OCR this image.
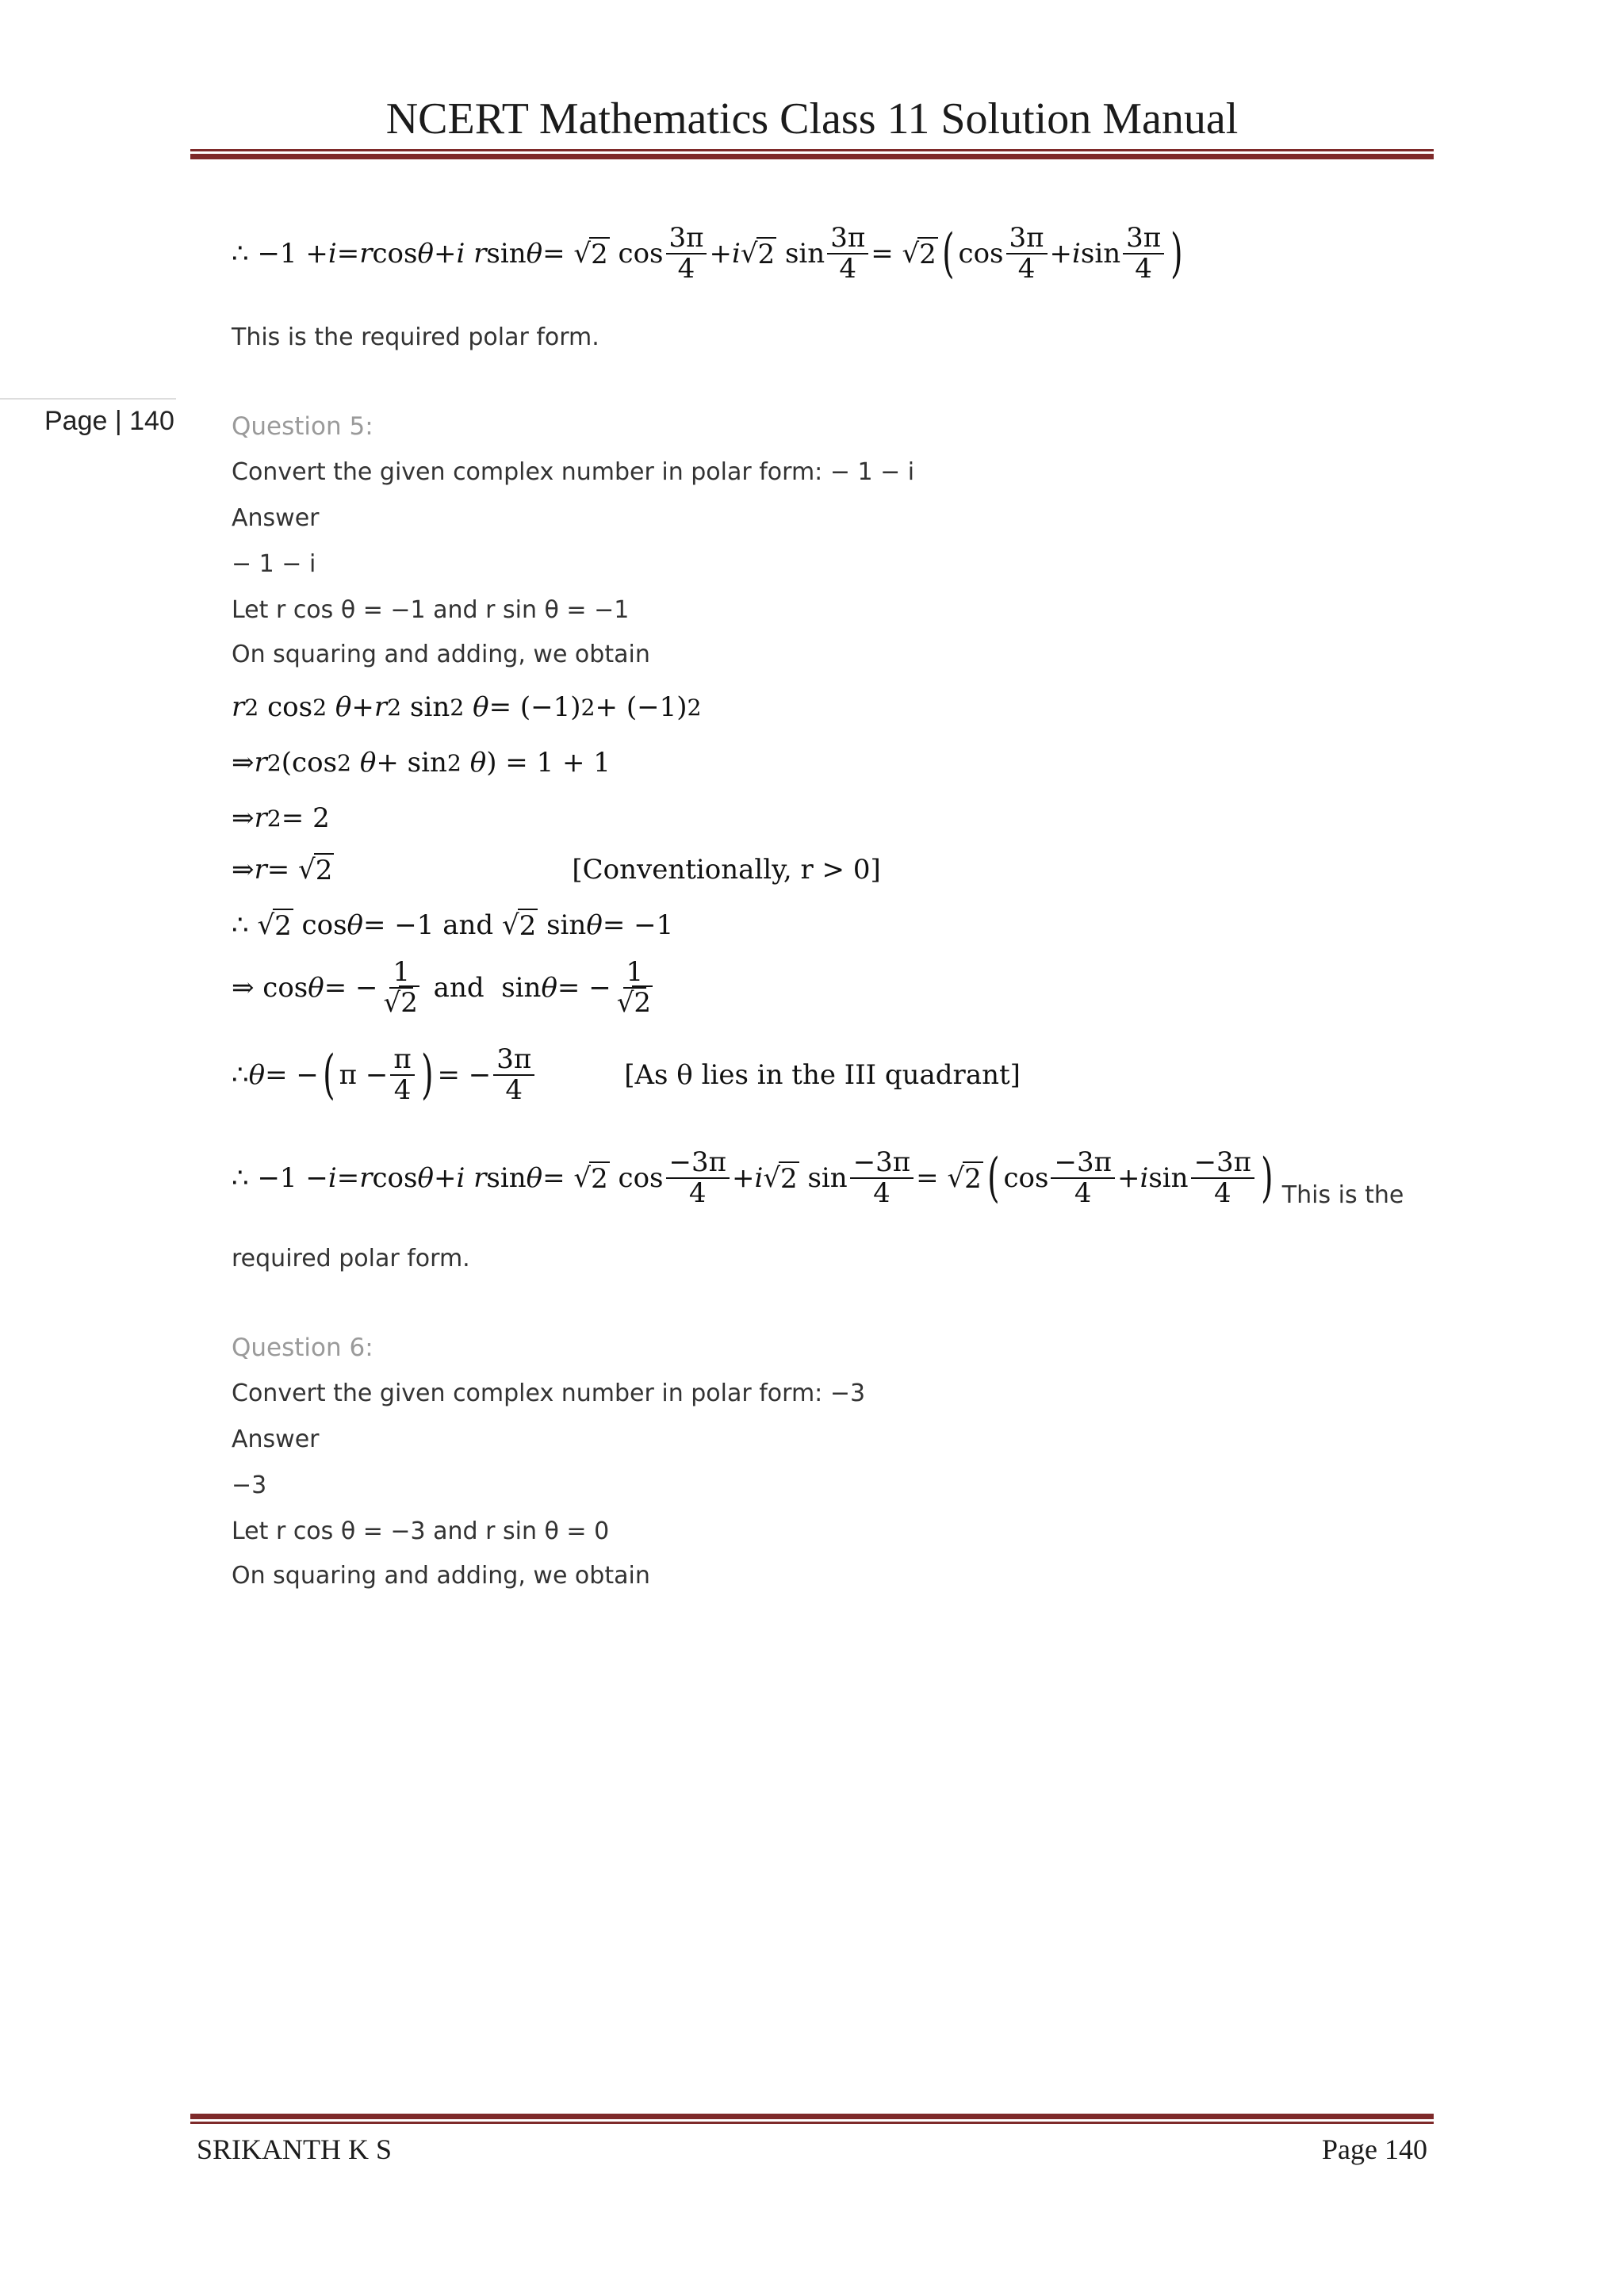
NCERT Mathematics Class 11 Solution Manual
Page | 140
∴ −1 + i = r cos θ + i r sin θ = √ 2 $\cos \frac{3\pi}{4} + i$ √ 2 $\sin \frac{3\pi}{4}$ = √ 2 ( $\cos \frac{3\pi}{4} + i$ $\sin \frac{3\pi}{4}$ )
This is the required polar form.
Question 5:
Convert the given complex number in polar form: − 1 − i
Answer
− 1 − i
Let r cos θ = −1 and r sin θ = −1
On squaring and adding, we obtain
r 2 cos 2
θ + r 2 sin 2
θ = (−1) 2 + (−1) 2
⇒ r 2 (cos 2
θ + sin 2
θ ) = 1 + 1
⇒ r 2 = 2
⇒ r = √ 2	[Conventionally, r > 0]
∴ √ 2 cos θ = −1 and √ 2 sin θ = −1
⇒ cos θ = − $\frac{1}{√2}$ and  sin θ = − $\frac{1}{√2}$
∴ θ = − ( $\pi - \frac{\pi}{4}$ ) = − $\frac{3\pi}{4}$	[As θ lies in the III quadrant]
∴ −1 − i = r cos θ + i r sin θ = √ 2 $\cos \frac{-3\pi}{4} + i$ √ 2 $\sin \frac{-3\pi}{4}$ = √ 2 ( $\cos \frac{-3\pi}{4} + i$ $\sin \frac{-3\pi}{4}$ ) This is the
required polar form.
Question 6:
Convert the given complex number in polar form: −3
Answer
−3
Let r cos θ = −3 and r sin θ = 0
On squaring and adding, we obtain
SRIKANTH K S	Page 140
